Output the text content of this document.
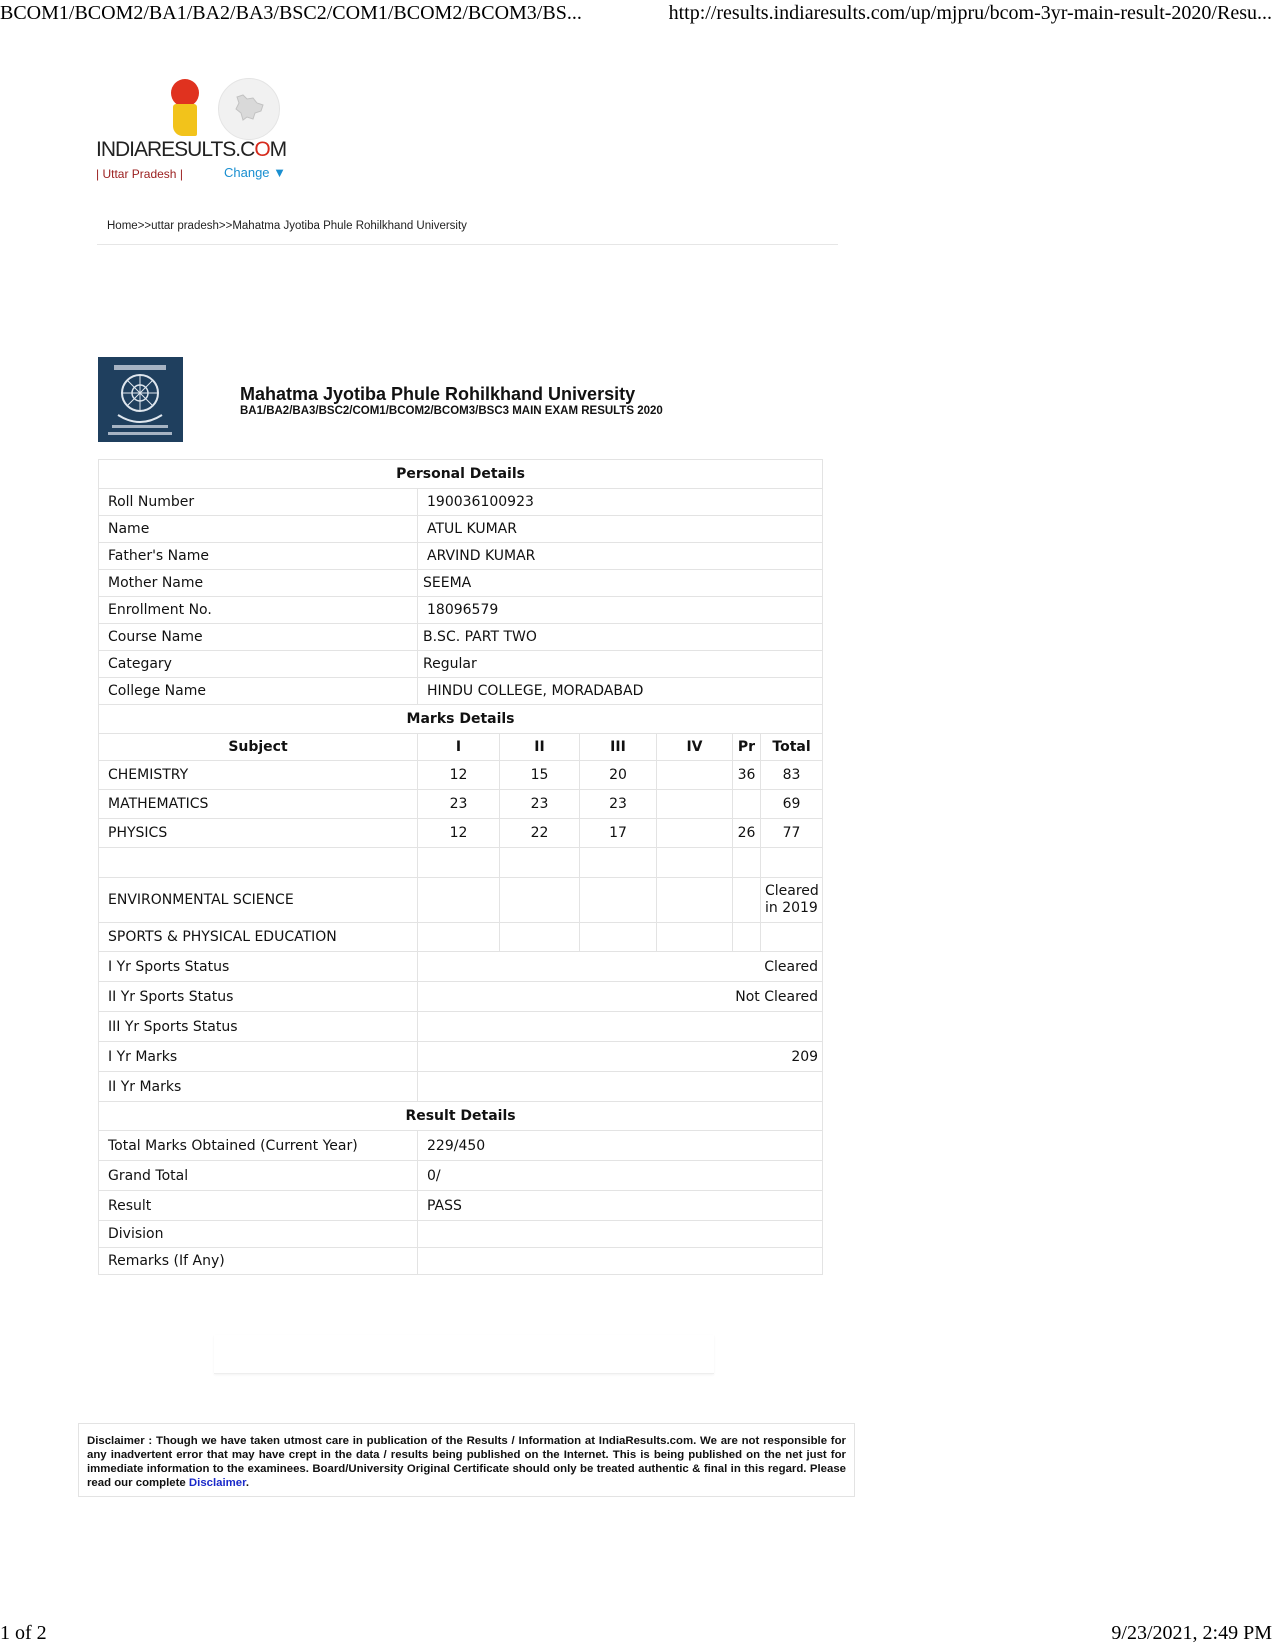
BCOM1/BCOM2/BA1/BA2/BA3/BSC2/COM1/BCOM2/BCOM3/BS...	http://results.indiaresults.com/up/mjpru/bcom-3yr-main-result-2020/Resu...
INDIARESULTS.COM
| Uttar Pradesh |	Change ▼
Home>>uttar pradesh>>Mahatma Jyotiba Phule Rohilkhand University
Mahatma Jyotiba Phule Rohilkhand University
BA1/BA2/BA3/BSC2/COM1/BCOM2/BCOM3/BSC3 MAIN EXAM RESULTS 2020
Personal Details						
Roll Number	190036100923					
Name	ATUL KUMAR					
Father's Name	ARVIND KUMAR					
Mother Name	SEEMA					
Enrollment No.	18096579					
Course Name	B.SC. PART TWO					
Categary	Regular					
College Name	HINDU COLLEGE, MORADABAD					
Marks Details						
Subject	I	II	III	IV	Pr	Total
CHEMISTRY	12	15	20		36	83
MATHEMATICS	23	23	23			69
PHYSICS	12	22	17		26	77

ENVIRONMENTAL SCIENCE						Cleared in 2019
SPORTS & PHYSICAL EDUCATION						
I Yr Sports Status	Cleared					
II Yr Sports Status	Not Cleared					
III Yr Sports Status						
I Yr Marks	209					
II Yr Marks						
Result Details						
Total Marks Obtained (Current Year)	229/450					
Grand Total	0/					
Result	PASS					
Division						
Remarks (If Any)						

Disclaimer : Though we have taken utmost care in publication of the Results / Information at IndiaResults.com. We are not responsible for any inadvertent error that may have crept in the data / results being published on the Internet. This is being published on the net just for immediate information to the examinees. Board/University Original Certificate should only be treated authentic & final in this regard. Please read our complete Disclaimer.

1 of 2	9/23/2021, 2:49 PM
